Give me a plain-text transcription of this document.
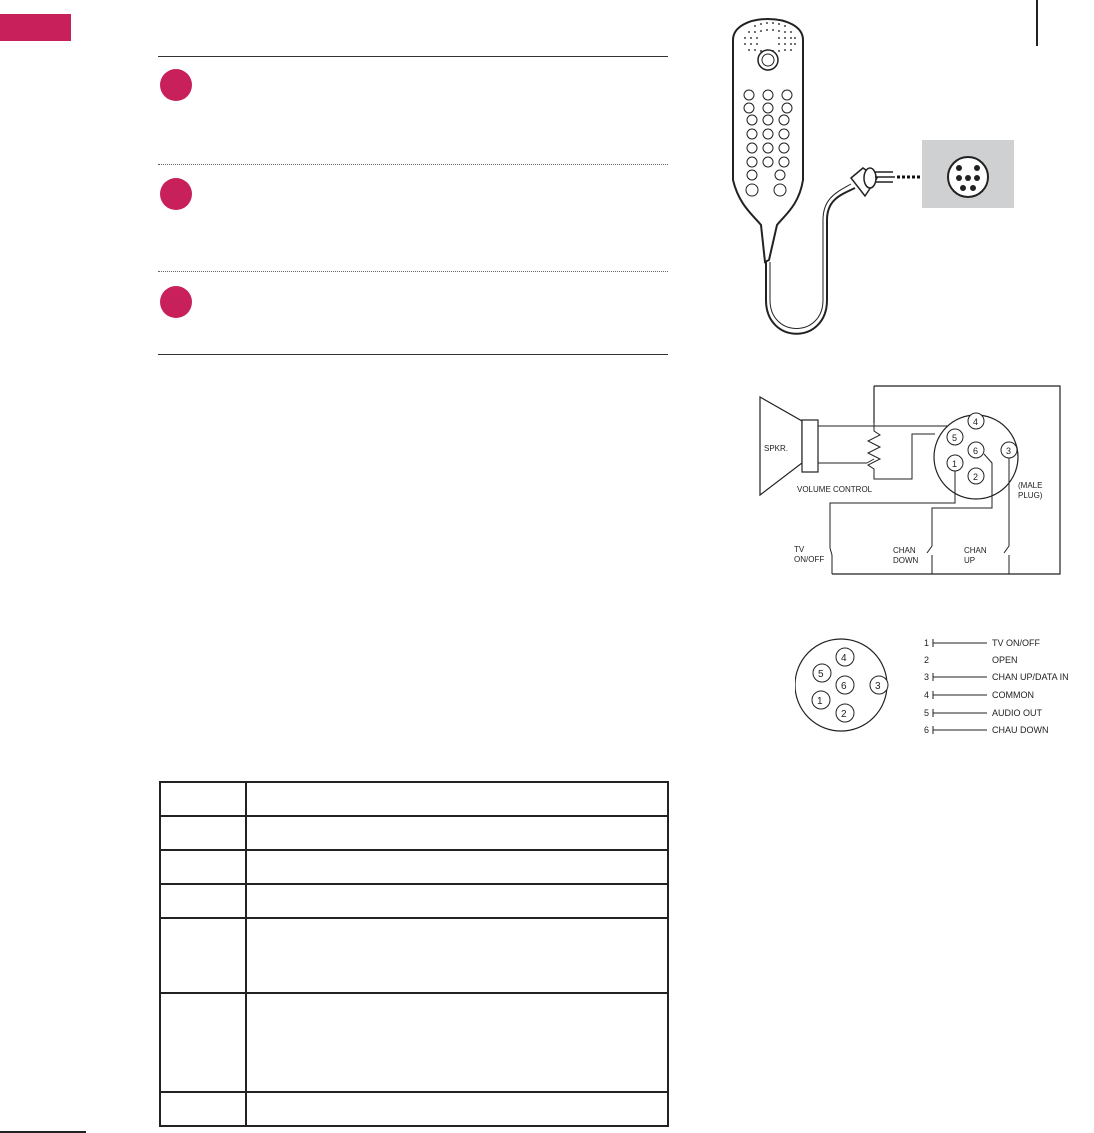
SPKR.
VOLUME CONTROL
4
5
6	3
1
2
(MALE
PLUG)
TV
ON/OFF
CHAN
DOWN
CHAN
UP
4
5
6	3
1
2
1	TV ON/OFF
2	OPEN
3	CHAN UP/DATA IN
4	COMMON
5	AUDIO OUT
6	CHAU DOWN
